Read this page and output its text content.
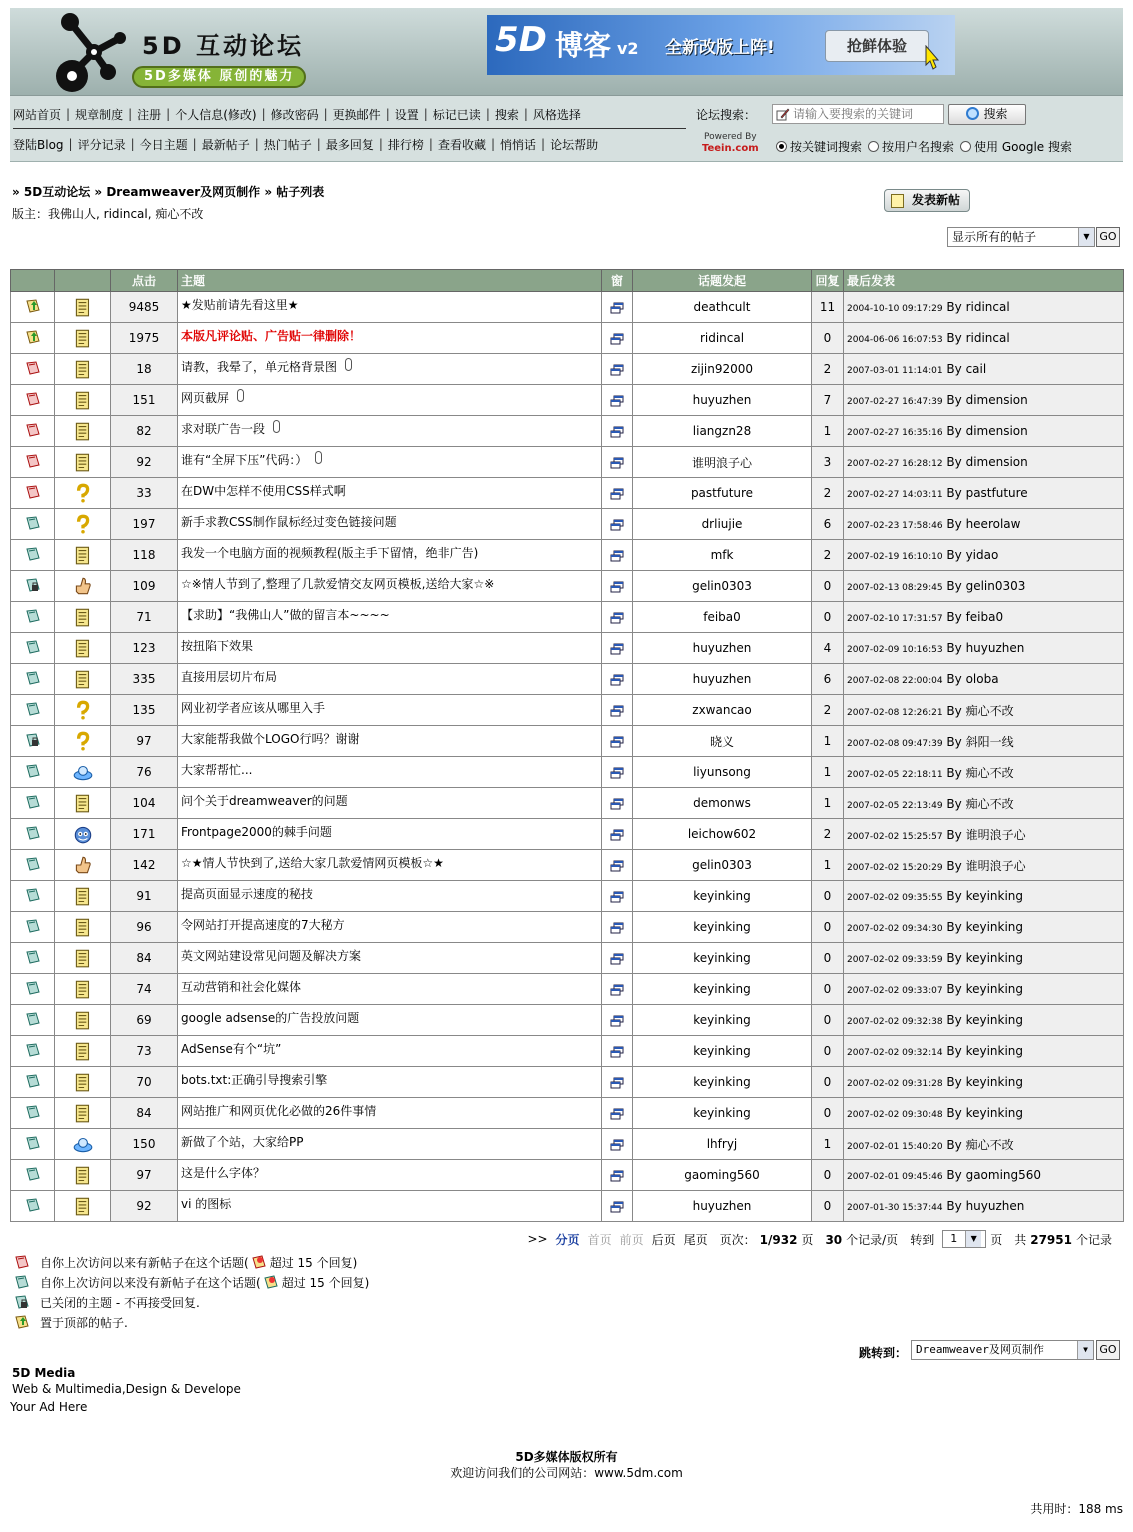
5D 互动论坛
5D多媒体 原创的魅力
5D 博客 v2 全新改版上阵!	抢鲜体验
网站首页 | 规章制度 | 注册 | 个人信息(修改) | 修改密码 | 更换邮件 | 设置 | 标记已读 | 搜索 | 风格选择
登陆Blog | 评分记录 | 今日主题 | 最新帖子 | 热门帖子 | 最多回复 | 排行榜 | 查看收藏 | 悄悄话 | 论坛帮助
论坛搜索：
请输入要搜索的关键词	搜索
Powered By
Teein.com	按关键词搜索 按用户名搜索 使用 Google 搜索
» 5D互动论坛 » Dreamweaver及网页制作 » 帖子列表
版主：我佛山人, ridincal, 痴心不改
发表新帖
显示所有的帖子	▼ GO
		点击	主题	窗	话题发起	回复	最后发表
		9485	★发贴前请先看这里★		deathcult	11	2004-10-10 09:17:29 By ridincal
		1975	本版凡评论贴、广告贴一律删除！		ridincal	0	2004-06-06 16:07:53 By ridincal
		18	请教，我晕了，单元格背景图		zijin92000	2	2007-03-01 11:14:01 By cail
		151	网页截屏		huyuzhen	7	2007-02-27 16:47:39 By dimension
		82	求对联广告一段		liangzn28	1	2007-02-27 16:35:16 By dimension
		92	谁有“全屏下压”代码：）		谁明浪子心	3	2007-02-27 16:28:12 By dimension
		33	在DW中怎样不使用CSS样式啊		pastfuture	2	2007-02-27 14:03:11 By pastfuture
		197	新手求教CSS制作鼠标经过变色链接问题		drliujie	6	2007-02-23 17:58:46 By heerolaw
		118	我发一个电脑方面的视频教程(版主手下留情，绝非广告)		mfk	2	2007-02-19 16:10:10 By yidao
		109	☆※情人节到了,整理了几款爱情交友网页模板,送给大家☆※		gelin0303	0	2007-02-13 08:29:45 By gelin0303
		71	【求助】“我佛山人”做的留言本~~~~		feiba0	0	2007-02-10 17:31:57 By feiba0
		123	按扭陷下效果		huyuzhen	4	2007-02-09 10:16:53 By huyuzhen
		335	直接用层切片布局		huyuzhen	6	2007-02-08 22:00:04 By oloba
		135	网业初学者应该从哪里入手		zxwancao	2	2007-02-08 12:26:21 By 痴心不改
		97	大家能帮我做个LOGO行吗？谢谢		晓义	1	2007-02-08 09:47:39 By 斜阳一线
		76	大家帮帮忙...		liyunsong	1	2007-02-05 22:18:11 By 痴心不改
		104	问个关于dreamweaver的问题		demonws	1	2007-02-05 22:13:49 By 痴心不改
		171	Frontpage2000的棘手问题		leichow602	2	2007-02-02 15:25:57 By 谁明浪子心
		142	☆★情人节快到了,送给大家几款爱情网页模板☆★		gelin0303	1	2007-02-02 15:20:29 By 谁明浪子心
		91	提高页面显示速度的秘技		keyinking	0	2007-02-02 09:35:55 By keyinking
		96	令网站打开提高速度的7大秘方		keyinking	0	2007-02-02 09:34:30 By keyinking
		84	英文网站建设常见问题及解决方案		keyinking	0	2007-02-02 09:33:59 By keyinking
		74	互动营销和社会化媒体		keyinking	0	2007-02-02 09:33:07 By keyinking
		69	google adsense的广告投放问题		keyinking	0	2007-02-02 09:32:38 By keyinking
		73	AdSense有个“坑”		keyinking	0	2007-02-02 09:32:14 By keyinking
		70	bots.txt:正确引导搜索引擎		keyinking	0	2007-02-02 09:31:28 By keyinking
		84	网站推广和网页优化必做的26件事情		keyinking	0	2007-02-02 09:30:48 By keyinking
		150	新做了个站，大家给PP		lhfryj	1	2007-02-01 15:40:20 By 痴心不改
		97	这是什么字体？		gaoming560	0	2007-02-01 09:45:46 By gaoming560
		92	vi 的图标		huyuzhen	0	2007-01-30 15:37:44 By huyuzhen
>> 分页 首页 前页 后页 尾页	页次： 1/932 页	30 个记录/页	转到	1	▼	页	共 27951 个记录
自你上次访问以来有新帖子在这个话题( 超过 15 个回复)
自你上次访问以来没有新帖子在这个话题( 超过 15 个回复)
已关闭的主题 - 不再接受回复.
置于顶部的帖子.
跳转到： Dreamweaver及网页制作	▼	GO
5D Media
Web & Multimedia,Design & Develope
Your Ad Here
5D多媒体版权所有
欢迎访问我们的公司网站：www.5dm.com
共用时：188 ms
